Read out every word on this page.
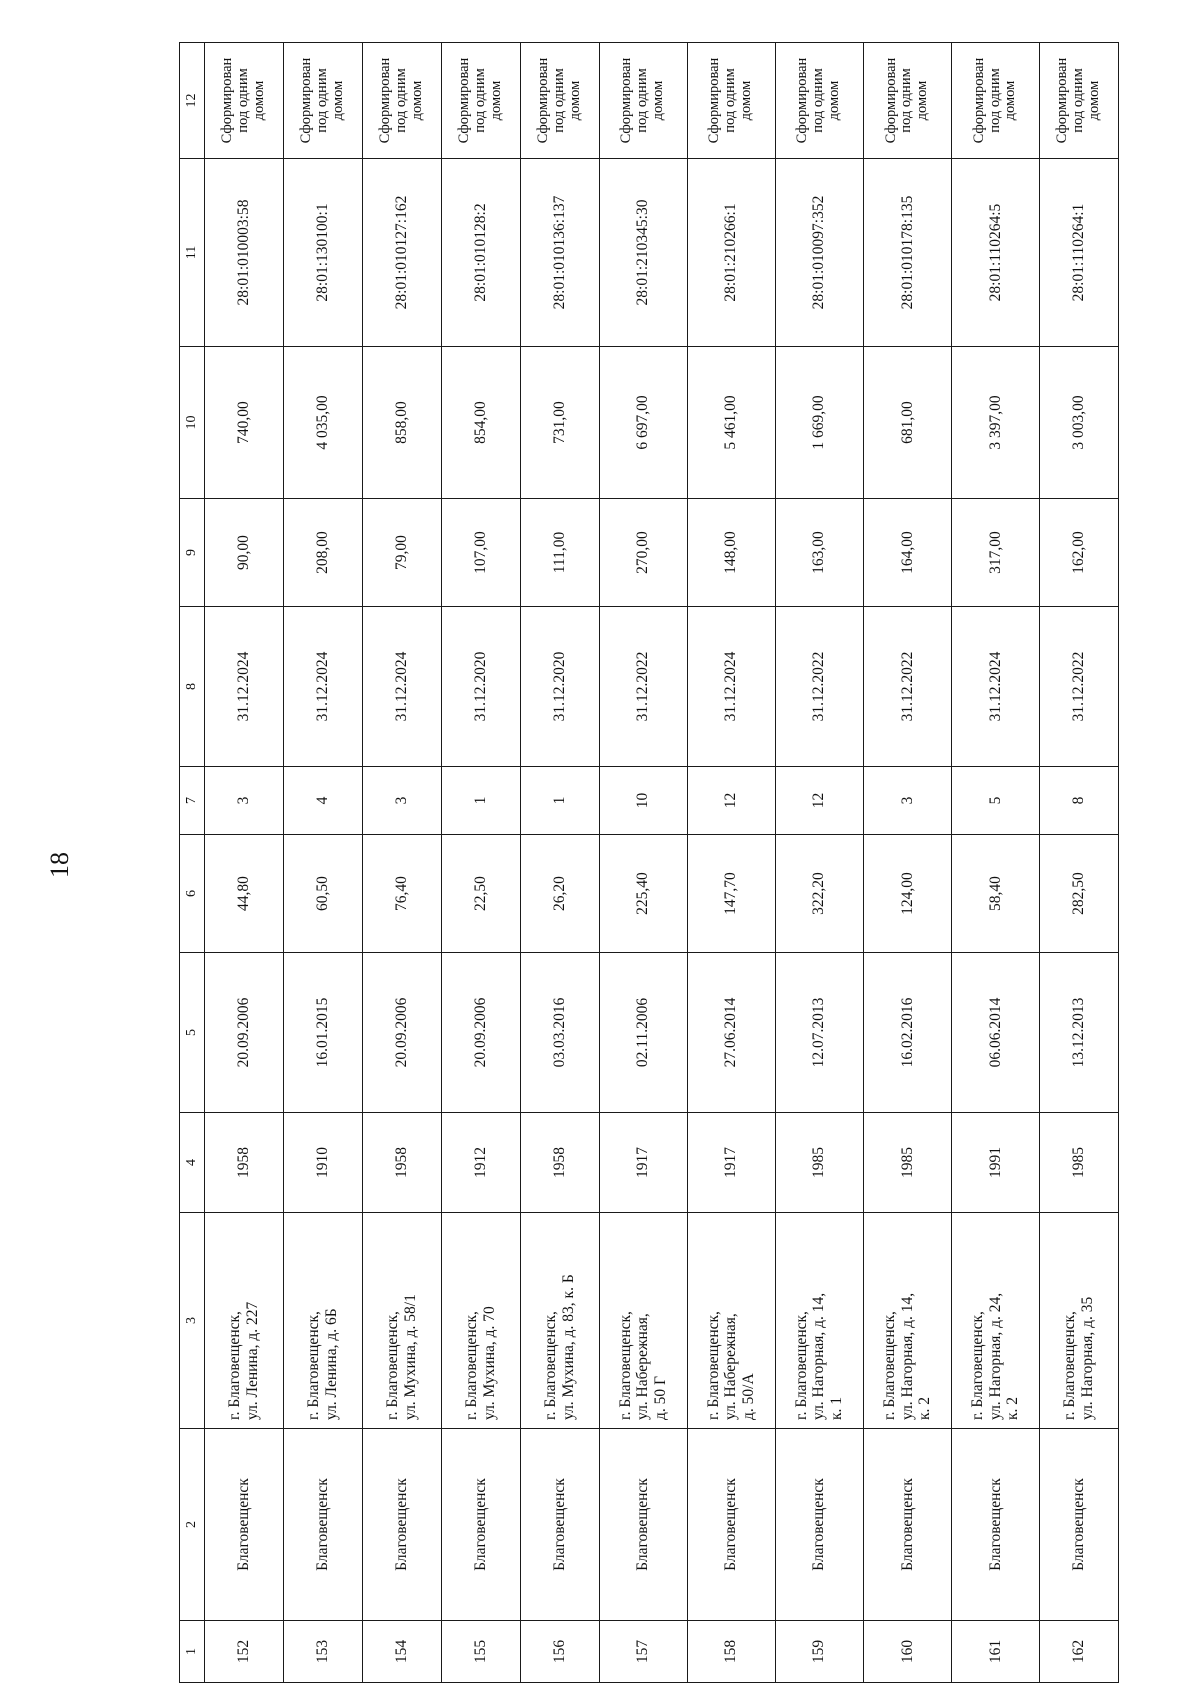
18
1	2	3	4	5	6	7	8	9	10	11	12
152	Благовещенск	г. Благовещенск,
ул. Ленина, д. 227	1958	20.09.2006	44,80	3	31.12.2024	90,00	740,00	28:01:010003:58	Сформирован
под одним
домом
153	Благовещенск	г. Благовещенск,
ул. Ленина, д. 6Б	1910	16.01.2015	60,50	4	31.12.2024	208,00	4 035,00	28:01:130100:1	Сформирован
под одним
домом
154	Благовещенск	г. Благовещенск,
ул. Мухина, д. 58/1	1958	20.09.2006	76,40	3	31.12.2024	79,00	858,00	28:01:010127:162	Сформирован
под одним
домом
155	Благовещенск	г. Благовещенск,
ул. Мухина, д. 70	1912	20.09.2006	22,50	1	31.12.2020	107,00	854,00	28:01:010128:2	Сформирован
под одним
домом
156	Благовещенск	г. Благовещенск,
ул. Мухина, д. 83, к. Б	1958	03.03.2016	26,20	1	31.12.2020	111,00	731,00	28:01:010136:137	Сформирован
под одним
домом
157	Благовещенск	г. Благовещенск,
ул. Набережная,
д. 50 Г	1917	02.11.2006	225,40	10	31.12.2022	270,00	6 697,00	28:01:210345:30	Сформирован
под одним
домом
158	Благовещенск	г. Благовещенск,
ул. Набережная,
д. 50/А	1917	27.06.2014	147,70	12	31.12.2024	148,00	5 461,00	28:01:210266:1	Сформирован
под одним
домом
159	Благовещенск	г. Благовещенск,
ул. Нагорная, д. 14,
к. 1	1985	12.07.2013	322,20	12	31.12.2022	163,00	1 669,00	28:01:010097:352	Сформирован
под одним
домом
160	Благовещенск	г. Благовещенск,
ул. Нагорная, д. 14,
к. 2	1985	16.02.2016	124,00	3	31.12.2022	164,00	681,00	28:01:010178:135	Сформирован
под одним
домом
161	Благовещенск	г. Благовещенск,
ул. Нагорная, д. 24,
к. 2	1991	06.06.2014	58,40	5	31.12.2024	317,00	3 397,00	28:01:110264:5	Сформирован
под одним
домом
162	Благовещенск	г. Благовещенск,
ул. Нагорная, д. 35	1985	13.12.2013	282,50	8	31.12.2022	162,00	3 003,00	28:01:110264:1	Сформирован
под одним
домом
